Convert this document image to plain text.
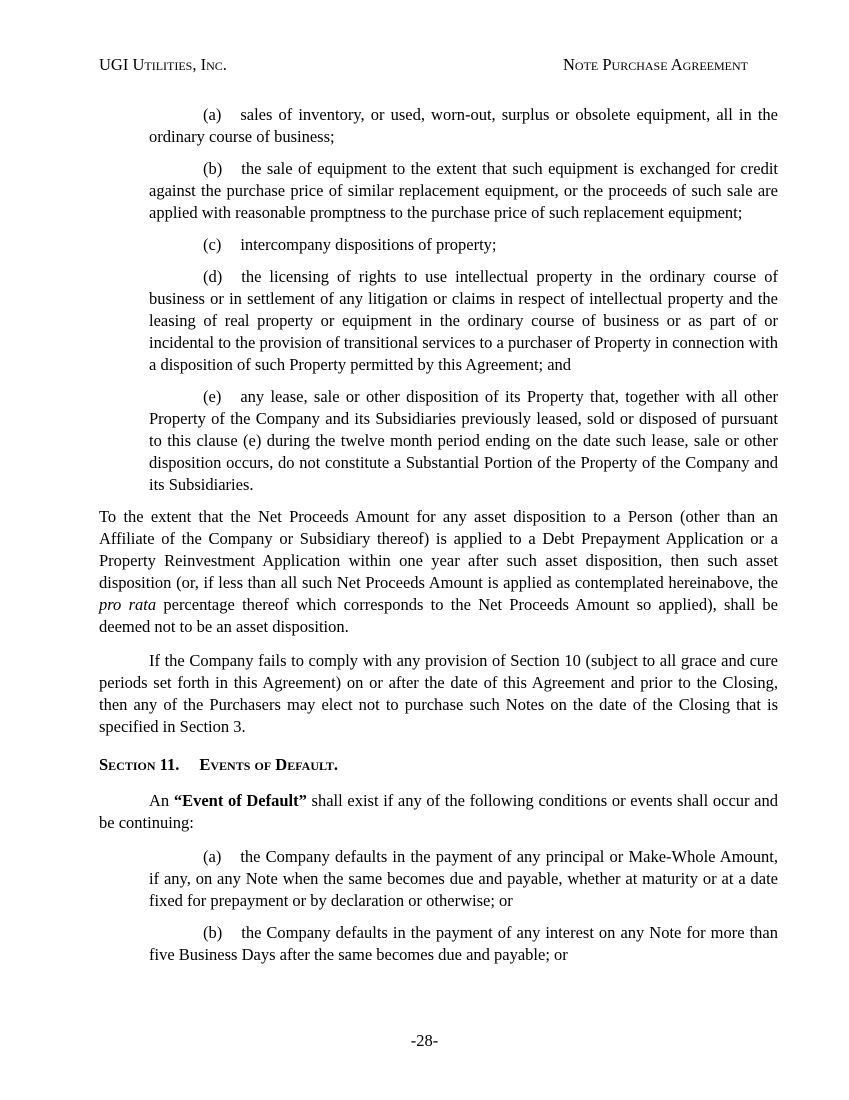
UGI Utilities, Inc.	Note Purchase Agreement
(a) sales of inventory, or used, worn-out, surplus or obsolete equipment, all in the ordinary course of business;
(b) the sale of equipment to the extent that such equipment is exchanged for credit against the purchase price of similar replacement equipment, or the proceeds of such sale are applied with reasonable promptness to the purchase price of such replacement equipment;
(c) intercompany dispositions of property;
(d) the licensing of rights to use intellectual property in the ordinary course of business or in settlement of any litigation or claims in respect of intellectual property and the leasing of real property or equipment in the ordinary course of business or as part of or incidental to the provision of transitional services to a purchaser of Property in connection with a disposition of such Property permitted by this Agreement; and
(e) any lease, sale or other disposition of its Property that, together with all other Property of the Company and its Subsidiaries previously leased, sold or disposed of pursuant to this clause (e) during the twelve month period ending on the date such lease, sale or other disposition occurs, do not constitute a Substantial Portion of the Property of the Company and its Subsidiaries.
To the extent that the Net Proceeds Amount for any asset disposition to a Person (other than an Affiliate of the Company or Subsidiary thereof) is applied to a Debt Prepayment Application or a Property Reinvestment Application within one year after such asset disposition, then such asset disposition (or, if less than all such Net Proceeds Amount is applied as contemplated hereinabove, the pro rata percentage thereof which corresponds to the Net Proceeds Amount so applied), shall be deemed not to be an asset disposition.
If the Company fails to comply with any provision of Section 10 (subject to all grace and cure periods set forth in this Agreement) on or after the date of this Agreement and prior to the Closing, then any of the Purchasers may elect not to purchase such Notes on the date of the Closing that is specified in Section 3.
Section 11. Events of Default.
An “Event of Default” shall exist if any of the following conditions or events shall occur and be continuing:
(a) the Company defaults in the payment of any principal or Make-Whole Amount, if any, on any Note when the same becomes due and payable, whether at maturity or at a date fixed for prepayment or by declaration or otherwise; or
(b) the Company defaults in the payment of any interest on any Note for more than five Business Days after the same becomes due and payable; or
-28-
